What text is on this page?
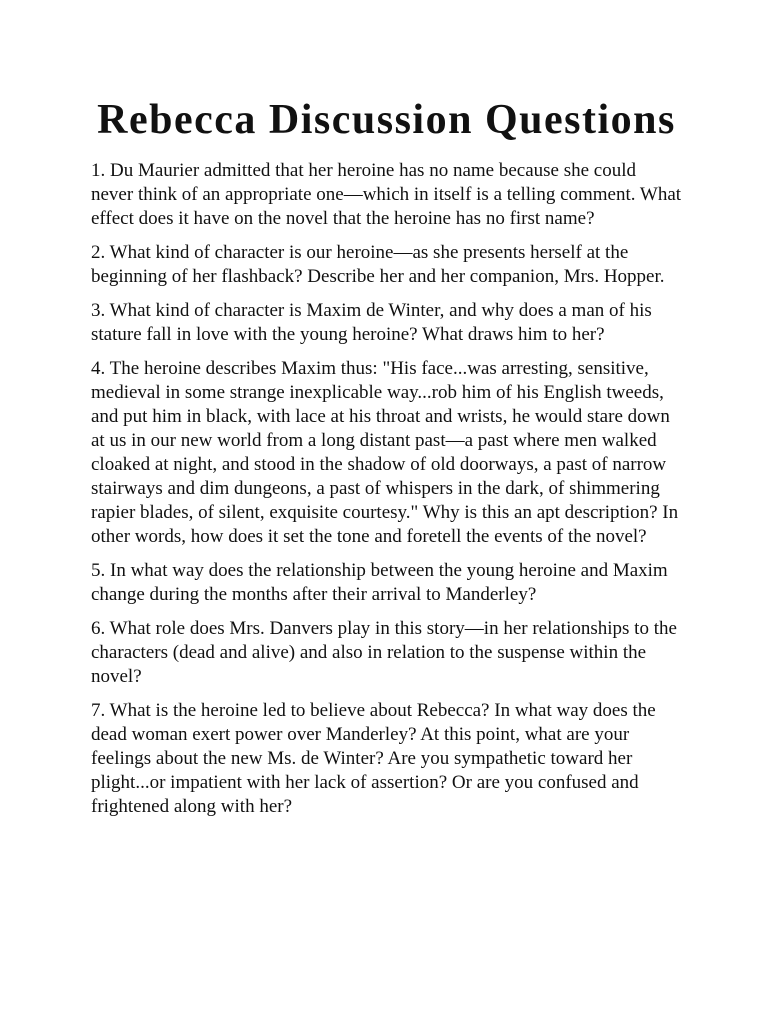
Rebecca Discussion Questions
1. Du Maurier admitted that her heroine has no name because she could never think of an appropriate one—which in itself is a telling comment. What effect does it have on the novel that the heroine has no first name?
2. What kind of character is our heroine—as she presents herself at the beginning of her flashback? Describe her and her companion, Mrs. Hopper.
3. What kind of character is Maxim de Winter, and why does a man of his stature fall in love with the young heroine? What draws him to her?
4. The heroine describes Maxim thus: "His face...was arresting, sensitive, medieval in some strange inexplicable way...rob him of his English tweeds, and put him in black, with lace at his throat and wrists, he would stare down at us in our new world from a long distant past—a past where men walked cloaked at night, and stood in the shadow of old doorways, a past of narrow stairways and dim dungeons, a past of whispers in the dark, of shimmering rapier blades, of silent, exquisite courtesy." Why is this an apt description? In other words, how does it set the tone and foretell the events of the novel?
5. In what way does the relationship between the young heroine and Maxim change during the months after their arrival to Manderley?
6. What role does Mrs. Danvers play in this story—in her relationships to the characters (dead and alive) and also in relation to the suspense within the novel?
7. What is the heroine led to believe about Rebecca? In what way does the dead woman exert power over Manderley? At this point, what are your feelings about the new Ms. de Winter? Are you sympathetic toward her plight...or impatient with her lack of assertion? Or are you confused and frightened along with her?
